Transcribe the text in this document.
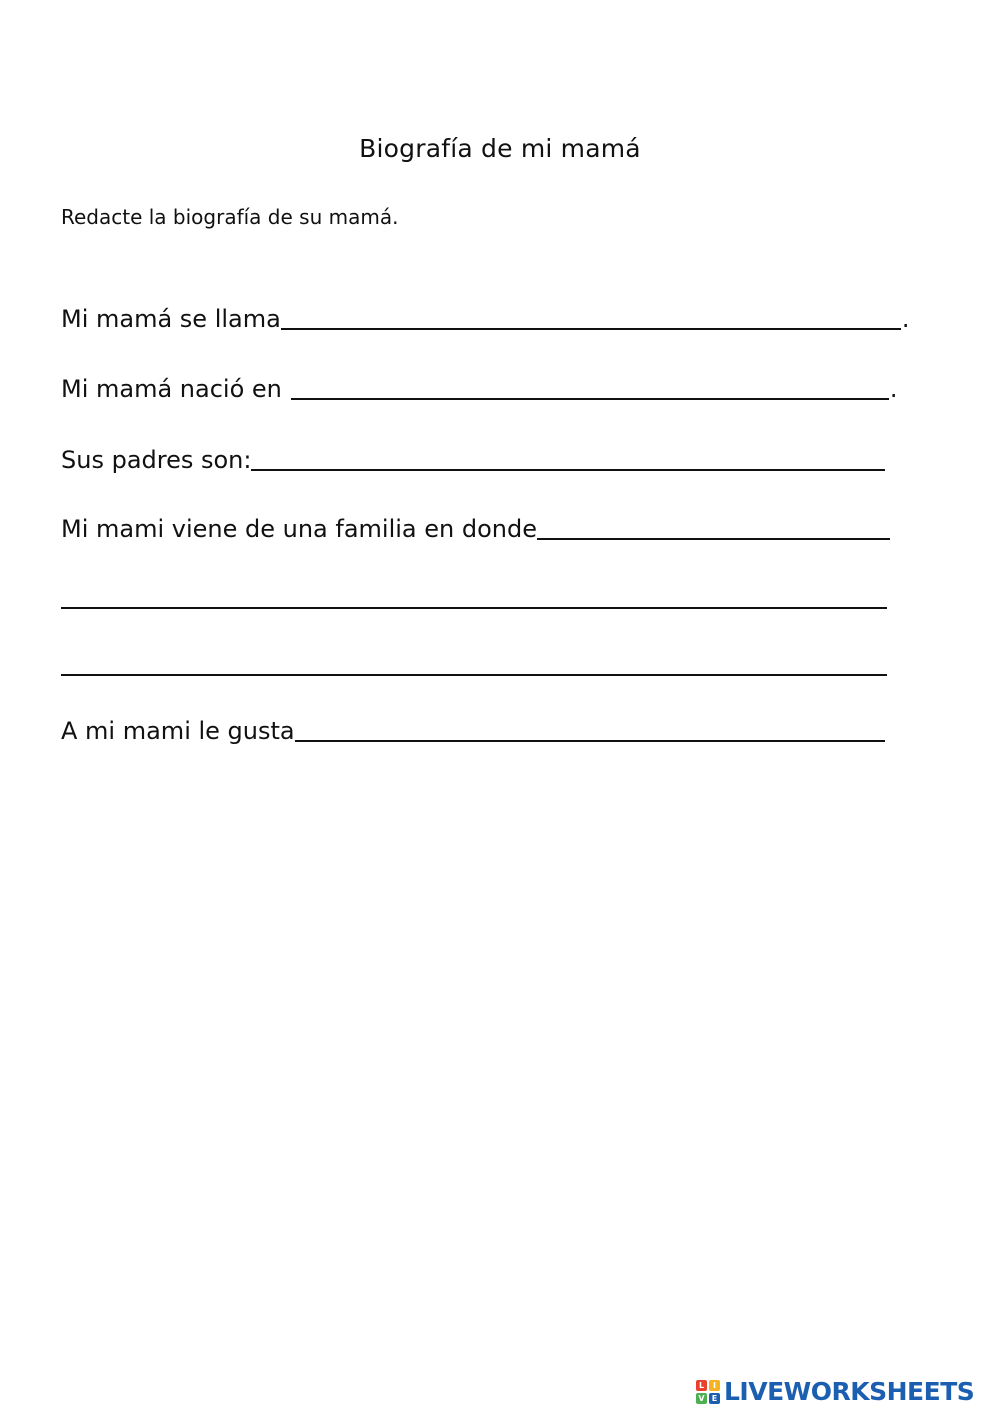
Biografía de mi mamá
Redacte la biografía de su mamá.
Mi mamá se llama	.
Mi mamá nació en	.
Sus padres son:
Mi mami viene de una familia en donde
A mi mami le gusta
L	I
V E LIVEWORKSHEETS
